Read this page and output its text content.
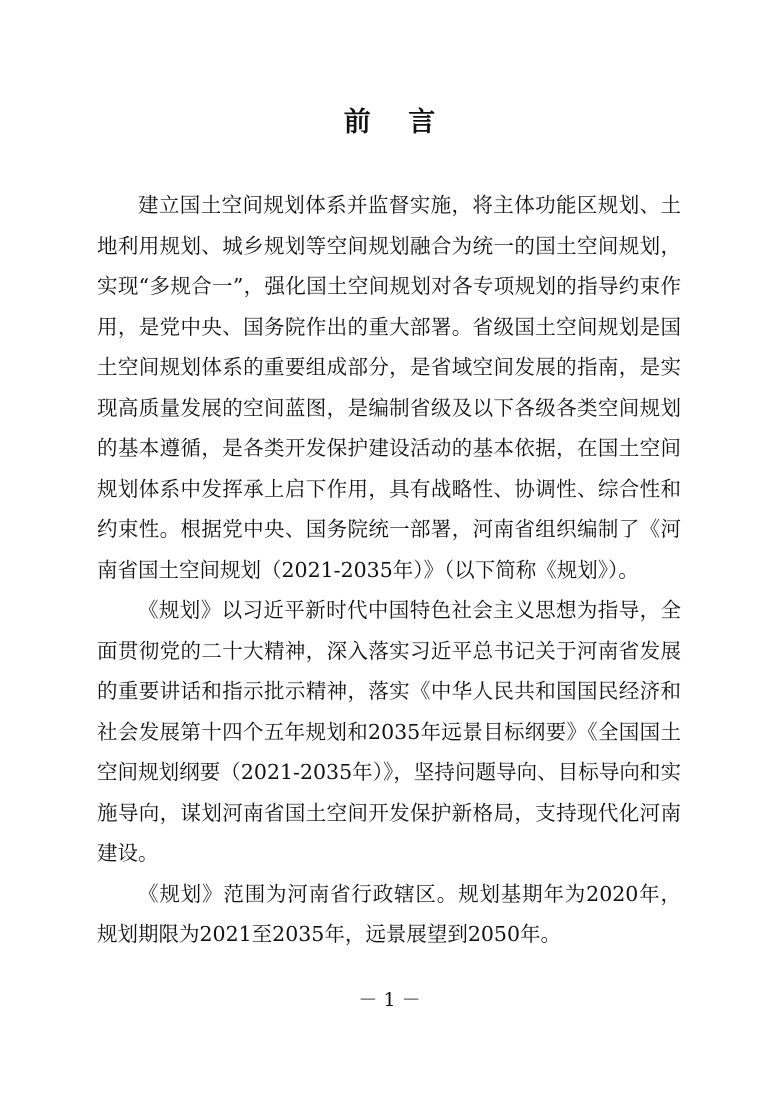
前 言

建立国土空间规划体系并监督实施，将主体功能区规划、土地利用规划、城乡规划等空间规划融合为统一的国土空间规划，实现“多规合一”，强化国土空间规划对各专项规划的指导约束作用，是党中央、国务院作出的重大部署。省级国土空间规划是国土空间规划体系的重要组成部分，是省域空间发展的指南，是实现高质量发展的空间蓝图，是编制省级及以下各级各类空间规划的基本遵循，是各类开发保护建设活动的基本依据，在国土空间规划体系中发挥承上启下作用，具有战略性、协调性、综合性和约束性。根据党中央、国务院统一部署，河南省组织编制了《河南省国土空间规划（2021-2035年）》（以下简称《规划》）。

《规划》以习近平新时代中国特色社会主义思想为指导，全面贯彻党的二十大精神，深入落实习近平总书记关于河南省发展的重要讲话和指示批示精神，落实《中华人民共和国国民经济和社会发展第十四个五年规划和2035年远景目标纲要》《全国国土空间规划纲要（2021-2035年）》，坚持问题导向、目标导向和实施导向，谋划河南省国土空间开发保护新格局，支持现代化河南建设。

《规划》范围为河南省行政辖区。规划基期年为2020年，规划期限为2021至2035年，远景展望到2050年。

－ 1 －
